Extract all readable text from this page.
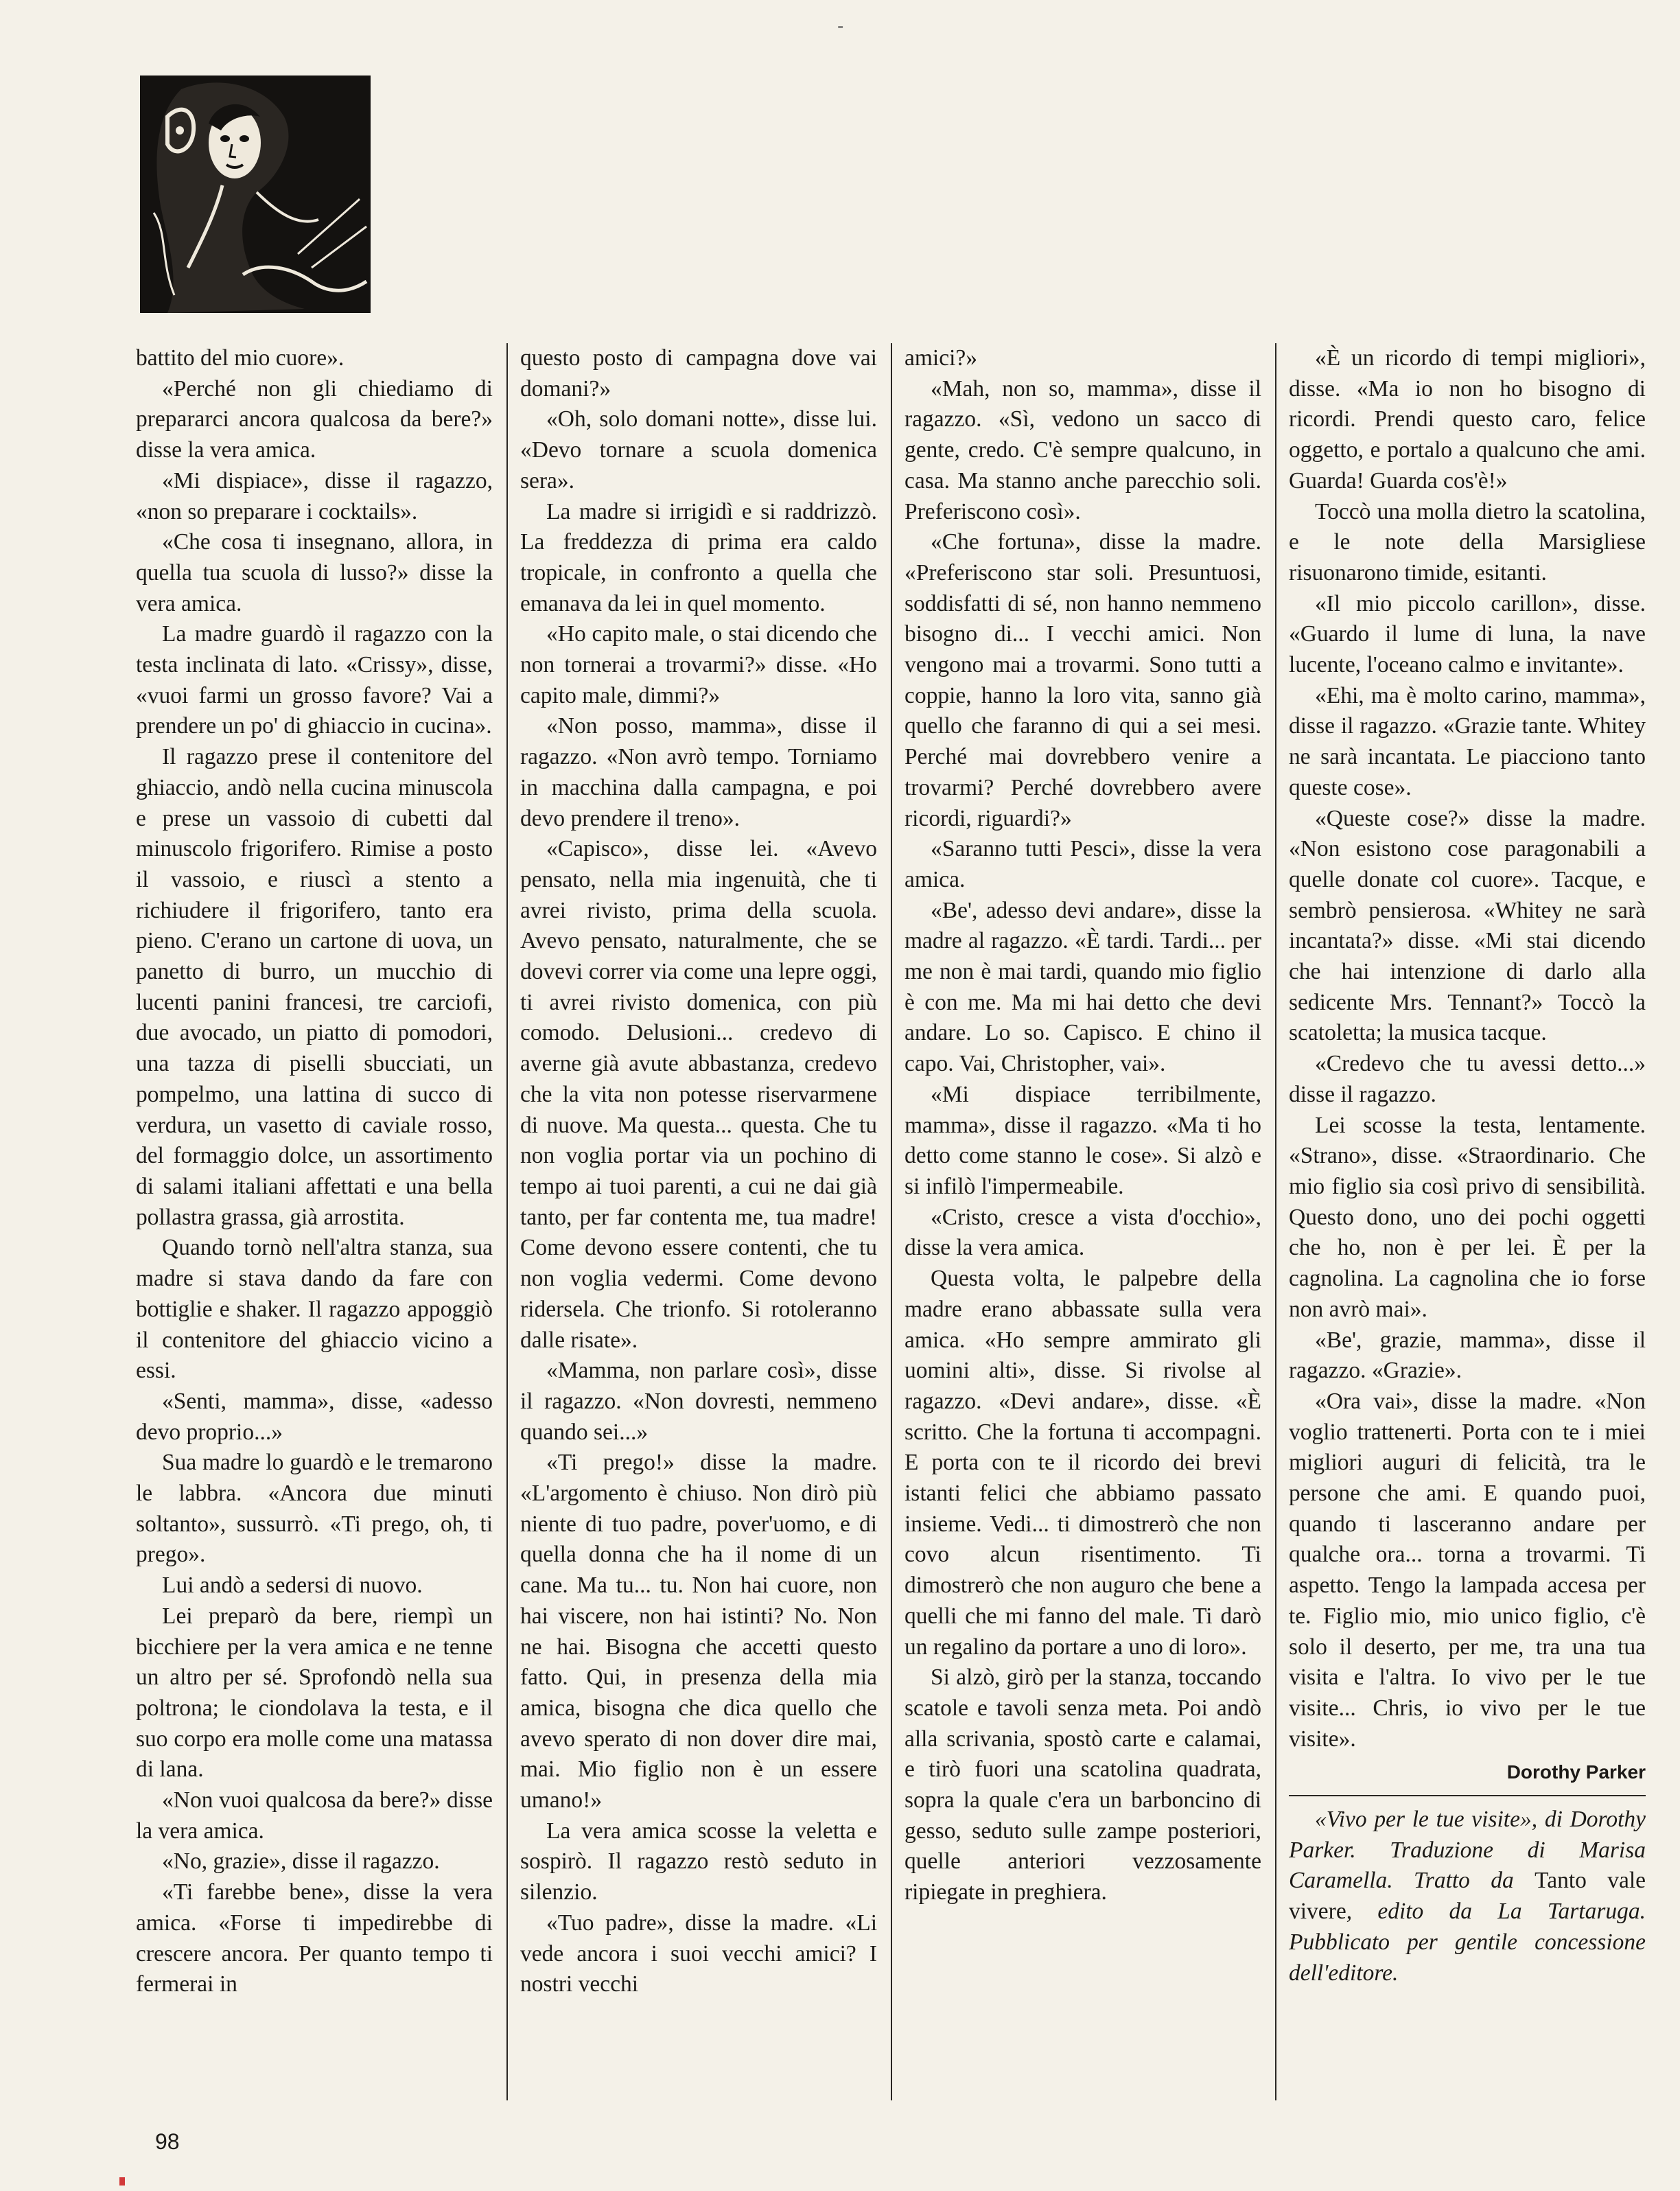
-

battito del mio cuore».

«Perché non gli chiediamo di prepararci ancora qualcosa da bere?» disse la vera amica.

«Mi dispiace», disse il ragazzo, «non so preparare i cocktails».

«Che cosa ti insegnano, allora, in quella tua scuola di lusso?» disse la vera amica.

La madre guardò il ragazzo con la testa inclinata di lato. «Crissy», disse, «vuoi farmi un grosso favore? Vai a prendere un po' di ghiaccio in cucina».

Il ragazzo prese il contenitore del ghiaccio, andò nella cucina minuscola e prese un vassoio di cubetti dal minuscolo frigorifero. Rimise a posto il vassoio, e riuscì a stento a richiudere il frigorifero, tanto era pieno. C'erano un cartone di uova, un panetto di burro, un mucchio di lucenti panini francesi, tre carciofi, due avocado, un piatto di pomodori, una tazza di piselli sbucciati, un pompelmo, una lattina di succo di verdura, un vasetto di caviale rosso, del formaggio dolce, un assortimento di salami italiani affettati e una bella pollastra grassa, già arrostita.

Quando tornò nell'altra stanza, sua madre si stava dando da fare con bottiglie e shaker. Il ragazzo appoggiò il contenitore del ghiaccio vicino a essi.

«Senti, mamma», disse, «adesso devo proprio...»

Sua madre lo guardò e le tremarono le labbra. «Ancora due minuti soltanto», sussurrò. «Ti prego, oh, ti prego».

Lui andò a sedersi di nuovo.

Lei preparò da bere, riempì un bicchiere per la vera amica e ne tenne un altro per sé. Sprofondò nella sua poltrona; le ciondolava la testa, e il suo corpo era molle come una matassa di lana.

«Non vuoi qualcosa da bere?» disse la vera amica.

«No, grazie», disse il ragazzo.

«Ti farebbe bene», disse la vera amica. «Forse ti impedirebbe di crescere ancora. Per quanto tempo ti fermerai in

questo posto di campagna dove vai domani?»

«Oh, solo domani notte», disse lui. «Devo tornare a scuola domenica sera».

La madre si irrigidì e si raddrizzò. La freddezza di prima era caldo tropicale, in confronto a quella che emanava da lei in quel momento.

«Ho capito male, o stai dicendo che non tornerai a trovarmi?» disse. «Ho capito male, dimmi?»

«Non posso, mamma», disse il ragazzo. «Non avrò tempo. Torniamo in macchina dalla campagna, e poi devo prendere il treno».

«Capisco», disse lei. «Avevo pensato, nella mia ingenuità, che ti avrei rivisto, prima della scuola. Avevo pensato, naturalmente, che se dovevi correr via come una lepre oggi, ti avrei rivisto domenica, con più comodo. Delusioni... credevo di averne già avute abbastanza, credevo che la vita non potesse riservarmene di nuove. Ma questa... questa. Che tu non voglia portar via un pochino di tempo ai tuoi parenti, a cui ne dai già tanto, per far contenta me, tua madre! Come devono essere contenti, che tu non voglia vedermi. Come devono ridersela. Che trionfo. Si rotoleranno dalle risate».

«Mamma, non parlare così», disse il ragazzo. «Non dovresti, nemmeno quando sei...»

«Ti prego!» disse la madre. «L'argomento è chiuso. Non dirò più niente di tuo padre, pover'uomo, e di quella donna che ha il nome di un cane. Ma tu... tu. Non hai cuore, non hai viscere, non hai istinti? No. Non ne hai. Bisogna che accetti questo fatto. Qui, in presenza della mia amica, bisogna che dica quello che avevo sperato di non dover dire mai, mai. Mio figlio non è un essere umano!»

La vera amica scosse la veletta e sospirò. Il ragazzo restò seduto in silenzio.

«Tuo padre», disse la madre. «Li vede ancora i suoi vecchi amici? I nostri vecchi

amici?»

«Mah, non so, mamma», disse il ragazzo. «Sì, vedono un sacco di gente, credo. C'è sempre qualcuno, in casa. Ma stanno anche parecchio soli. Preferiscono così».

«Che fortuna», disse la madre. «Preferiscono star soli. Presuntuosi, soddisfatti di sé, non hanno nemmeno bisogno di... I vecchi amici. Non vengono mai a trovarmi. Sono tutti a coppie, hanno la loro vita, sanno già quello che faranno di qui a sei mesi. Perché mai dovrebbero venire a trovarmi? Perché dovrebbero avere ricordi, riguardi?»

«Saranno tutti Pesci», disse la vera amica.

«Be', adesso devi andare», disse la madre al ragazzo. «È tardi. Tardi... per me non è mai tardi, quando mio figlio è con me. Ma mi hai detto che devi andare. Lo so. Capisco. E chino il capo. Vai, Christopher, vai».

«Mi dispiace terribilmente, mamma», disse il ragazzo. «Ma ti ho detto come stanno le cose». Si alzò e si infilò l'impermeabile.

«Cristo, cresce a vista d'occhio», disse la vera amica.

Questa volta, le palpebre della madre erano abbassate sulla vera amica. «Ho sempre ammirato gli uomini alti», disse. Si rivolse al ragazzo. «Devi andare», disse. «È scritto. Che la fortuna ti accompagni. E porta con te il ricordo dei brevi istanti felici che abbiamo passato insieme. Vedi... ti dimostrerò che non covo alcun risentimento. Ti dimostrerò che non auguro che bene a quelli che mi fanno del male. Ti darò un regalino da portare a uno di loro».

Si alzò, girò per la stanza, toccando scatole e tavoli senza meta. Poi andò alla scrivania, spostò carte e calamai, e tirò fuori una scatolina quadrata, sopra la quale c'era un barboncino di gesso, seduto sulle zampe posteriori, quelle anteriori vezzosamente ripiegate in preghiera.

«È un ricordo di tempi migliori», disse. «Ma io non ho bisogno di ricordi. Prendi questo caro, felice oggetto, e portalo a qualcuno che ami. Guarda! Guarda cos'è!»

Toccò una molla dietro la scatolina, e le note della Marsigliese risuonarono timide, esitanti.

«Il mio piccolo carillon», disse. «Guardo il lume di luna, la nave lucente, l'oceano calmo e invitante».

«Ehi, ma è molto carino, mamma», disse il ragazzo. «Grazie tante. Whitey ne sarà incantata. Le piacciono tanto queste cose».

«Queste cose?» disse la madre. «Non esistono cose paragonabili a quelle donate col cuore». Tacque, e sembrò pensierosa. «Whitey ne sarà incantata?» disse. «Mi stai dicendo che hai intenzione di darlo alla sedicente Mrs. Tennant?» Toccò la scatoletta; la musica tacque.

«Credevo che tu avessi detto...» disse il ragazzo.

Lei scosse la testa, lentamente. «Strano», disse. «Straordinario. Che mio figlio sia così privo di sensibilità. Questo dono, uno dei pochi oggetti che ho, non è per lei. È per la cagnolina. La cagnolina che io forse non avrò mai».

«Be', grazie, mamma», disse il ragazzo. «Grazie».

«Ora vai», disse la madre. «Non voglio trattenerti. Porta con te i miei migliori auguri di felicità, tra le persone che ami. E quando puoi, quando ti lasceranno andare per qualche ora... torna a trovarmi. Ti aspetto. Tengo la lampada accesa per te. Figlio mio, mio unico figlio, c'è solo il deserto, per me, tra una tua visita e l'altra. Io vivo per le tue visite... Chris, io vivo per le tue visite».

Dorothy Parker

«Vivo per le tue visite», di Dorothy Parker. Traduzione di Marisa Caramella. Tratto da Tanto vale vivere, edito da La Tartaruga. Pubblicato per gentile concessione dell'editore.

98
